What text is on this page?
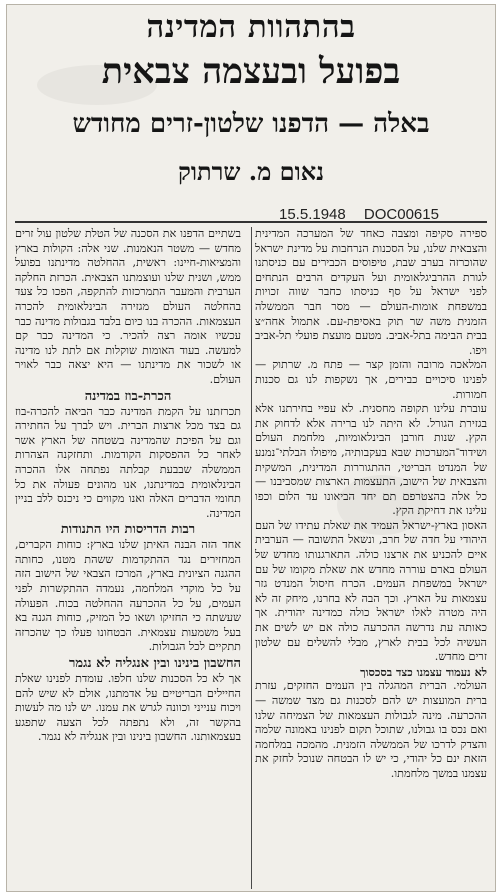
בהתהוות המדינה
בפועל ובעצמה צבאית
באלה — הדפנו שלטון-זרים מחודש
נאום מ. שרתוק
15.5.1948 DOC00615

ספירה סקיפה ומצבה כאחד של המערכה המדינית והצבאית שלנו, על הסכנות הנרחבות על מדינת ישראל שהוכרזה בערב שבת, טיפוסים הכבירים עם כניסתנו לגורת ההרביגלאומית ועל העקדים הרבים הנתחים לפני ישראל על סף כניסתו כחבר שווה זכויות במשפחת אומות-העולם — מסר חבר הממשלה הזמנית משה שר תוק באסיפת-עם. אתמול אחה״צ בבית הבימה בתל-אביב. מטעם מועצת פועלי תל-אביב ויפו.

המלאכה מרובה והזמן קצר — פתח מ. שרתוק — לפנינו סיכויים כבירים, אך נשקפות לנו גם סכנות חמורות.

עוברת עלינו תקופה מחסנית. לא עפיי בחירתנו אלא בגזירת הגורל. לא היתה לנו ברירה אלא לדחוק את הקץ. שנות חורבן הבינלאומיות, מלחמת העולם ושידוד־המערכות שבא בעקבותיה, מיפולו הבלתי־נמנע של המנדט הבריטי, ההתגוררות המדינית, המשקית והצבאית של הישוב, התעצמות הארצות שמסביבנו — כל אלה בהצטרפם תם יחד הביאונו עד הלום וכפו עלינו את דחיקת הקץ.

האסון בארץ-ישראל העמיד את שאלת עתידו של העם היהודי על חדה של חרב, ונשאל התשובה — הערבית איים להכניע את ארצנו כולה. התארגנותו מחדש של העולם בארם עוררה מחדש את שאלת מקומו של עם ישראל במשפחת העמים. הכרח חיסול המנדט גזר עצמאות על הארץ. וכך הבה לא בחרנו, מיחק זה לא היה מטרה לאלו ישראל כולה כמדינה יהודית. אך כאותה עת נדרשה ההכרעה כולה אם יש לשים את העשיה לכל בבית לארץ, מבלי להשלים עם שלטון זרים מחדש.

לא נעמוד עצמנו כצד בסכסוך

העולמי. הברית המהגלה בין העמים החזקים, עזרת ברית המועצות יש להם לסכנות גם מצד שמשה — ההכרעה. מינה לגבולות העצמאות של הצמיחה שלנו ואם נכס בו גבולנו, שתוכל תקום לפנינו באמונה שלמה והצדק לדרכו של הממשלה הזמנית. מהמכה במלחמה הזאת ינם כל יהודי, כי יש לו הבטחה שנוכל לחזק את עצמנו במשך מלחמתו.

בשתיים הדפנו את הסכנה של הטלת שלטון עול זרים מחדש — משטר הנאמנות. שני אלה: הקולות בארץ והמציאות-חיינו: ראשית, ההחלטה מדינתנו בפועל ממש, ושנית שלנו ועוצמתנו הצבאית. הכרזת החלקה הערבית והמעבר התמרכזות להתקפה, הפכו כל צעד בהחלטה העולם מגזירה הבינלאומית להכרה העצמאות. ההכרה בנו כיום בלבד בגבולות מדינה כבר עכשיו אומה רצה להכיר. כי המדינה כבר קם למעשה. בעוד האומות שוקלות אם לתת לנו מדינה או לשכור את מדינתנו — היא יצאה כבר לאויר העולם.

הכרת-בוז במדינה

תכרזתנו על הקמת המדינה כבר הביאה להכרה-בוז גם בצד מכל ארצות הברית. ויש לברך על החתירה וגם על הפיכת שהמדינה בשטחה של הארץ אשר לאחר כל ההפסקות הקודמות. ותחזקנה הצהרות הממשלה שבבעת קבלתה נפתחה אלו ההכרה הבינלאומית במדינתנו, אנו מהונים פעולה את כל תחומי הדברים האלה ואנו מקווים כי ניכנס ללב בניין המדינה.

רבות הדריסות היו התנודות

אחד הזה הבנה האיתן שלנו בארץ: כוחות הקברים, המחזירים נגד ההתקדמות ששהת מטנו, כחותה ההגנה הציונית בארץ, המרכז הצבאי של הישוב הזה על כל מוקדי המלחמה, נעמדה ההתקשרות לפני העמים, על כל ההכרעה ההחלטה בכוח. הפעולה שעשתה כי החזיקו ושאו כל המזיק, כוחות הגנה בא בעל משמעות עצמאית. הבטחונו פעלו כך שהכרזה תתקיים לכל הגבולות.

החשבון בינינו ובין אנגליה לא נגמר

אך לא כל הסכנות שלנו חלפו. עומדת לפנינו שאלת החיילים הבריטיים על אדמתנו, אולם לא שיש להם ויכוח ענייני וכוונה לגרש את עמנו. יש לנו מה לעשות בהקשר זה, ולא נתפתה לכל הצעה שתפגע בעצמאותנו. החשבון בינינו ובין אנגליה לא נגמר.
